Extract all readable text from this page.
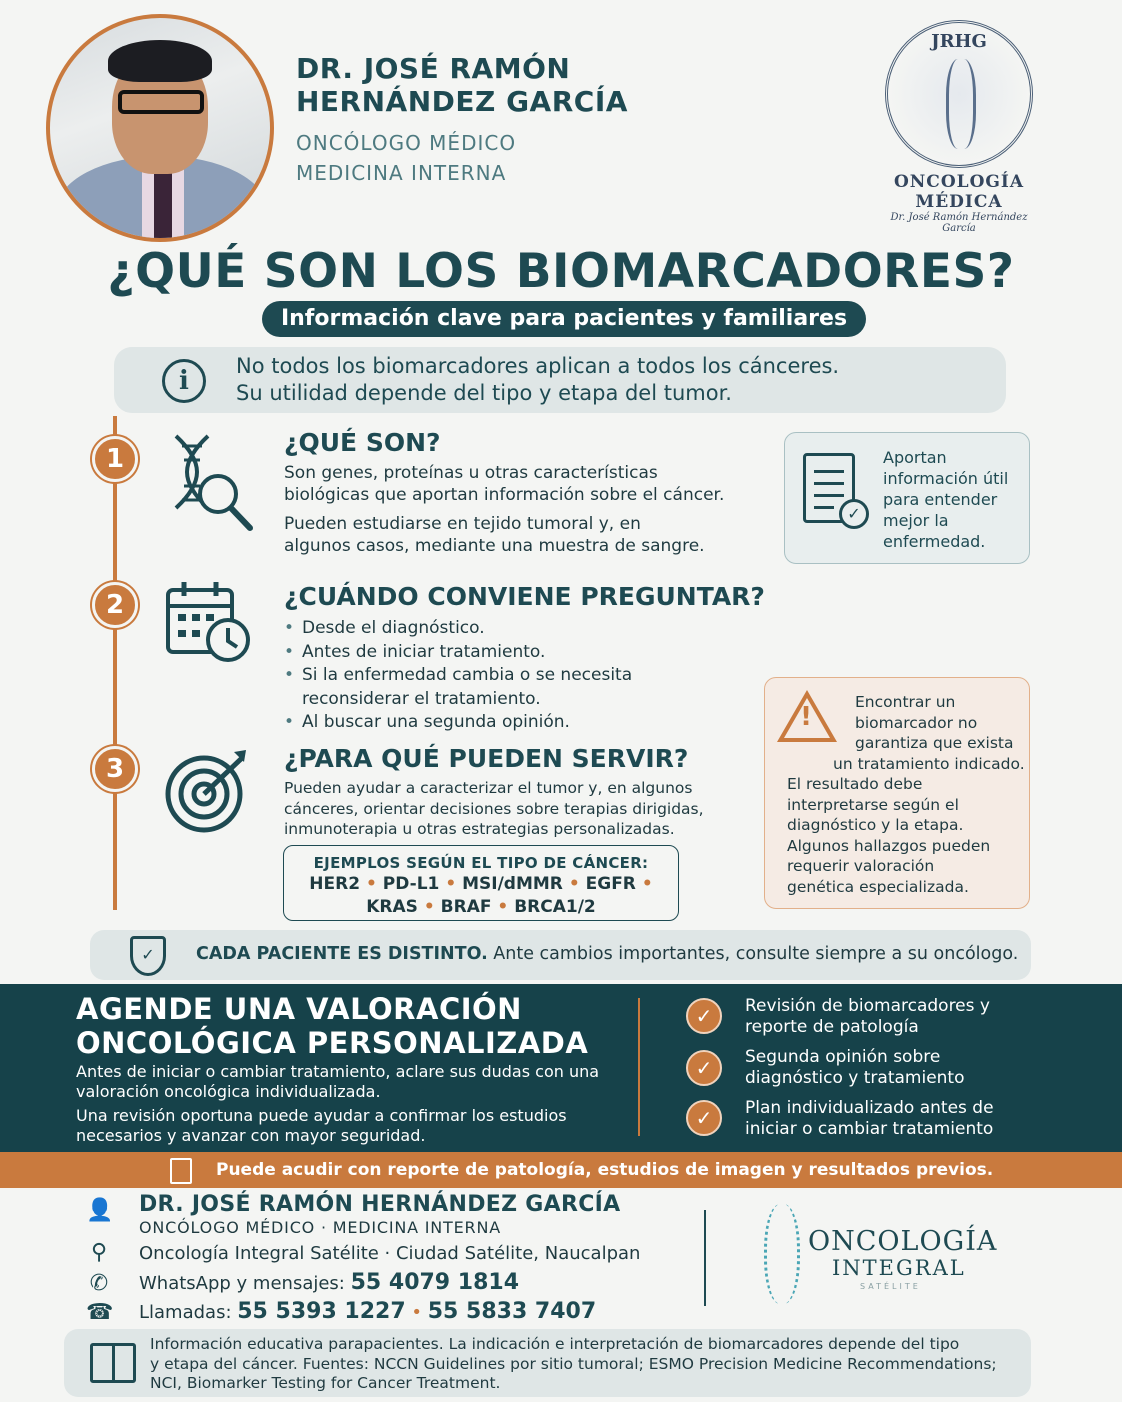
DR. JOSÉ RAMÓN
HERNÁNDEZ GARCÍA
ONCÓLOGO MÉDICO
MEDICINA INTERNA
JRHG
ONCOLOGÍA
MÉDICA
Dr. José Ramón Hernández García
¿QUÉ SON LOS BIOMARCADORES?
Información clave para pacientes y familiares
i	No todos los biomarcadores aplican a todos los cánceres.
Su utilidad depende del tipo y etapa del tumor.
1
¿QUÉ SON?
Son genes, proteínas u otras características
biológicas que aportan información sobre el cáncer.
Pueden estudiarse en tejido tumoral y, en
algunos casos, mediante una muestra de sangre.
✓
Aportan
información útil
para entender
mejor la
enfermedad.
2	¿CUÁNDO CONVIENE PREGUNTAR?
• Desde el diagnóstico.
• Antes de iniciar tratamiento.
• Si la enfermedad cambia o se necesita
reconsiderar el tratamiento.
• Al buscar una segunda opinión.	!	Encontrar un
biomarcador no
garantiza que exista
un tratamiento indicado.
El resultado debe
interpretarse según el
diagnóstico y la etapa.
Algunos hallazgos pueden
requerir valoración
genética especializada.
3	¿PARA QUÉ PUEDEN SERVIR?
Pueden ayudar a caracterizar el tumor y, en algunos
cánceres, orientar decisiones sobre terapias dirigidas,
inmunoterapia u otras estrategias personalizadas.
EJEMPLOS SEGÚN EL TIPO DE CÁNCER:
HER2 • PD-L1 • MSI/dMMR • EGFR •
KRAS • BRAF • BRCA1/2
✓	CADA PACIENTE ES DISTINTO. Ante cambios importantes, consulte siempre a su oncólogo.
AGENDE UNA VALORACIÓN
ONCOLÓGICA PERSONALIZADA
Antes de iniciar o cambiar tratamiento, aclare sus dudas con una
valoración oncológica individualizada.
Una revisión oportuna puede ayudar a confirmar los estudios
necesarios y avanzar con mayor seguridad.
✓	Revisión de biomarcadores y
reporte de patología
✓	Segunda opinión sobre
diagnóstico y tratamiento
✓	Plan individualizado antes de
iniciar o cambiar tratamiento
Puede acudir con reporte de patología, estudios de imagen y resultados previos.
👤 DR. JOSÉ RAMÓN HERNÁNDEZ GARCÍA
ONCÓLOGO MÉDICO · MEDICINA INTERNA
⚲ Oncología Integral Satélite · Ciudad Satélite, Naucalpan
✆ WhatsApp y mensajes: 55 4079 1814
☎ Llamadas: 55 5393 1227 • 55 5833 7407
ONCOLOGÍA
INTEGRAL
SATÉLITE
Información educativa parapacientes. La indicación e interpretación de biomarcadores depende del tipo
y etapa del cáncer. Fuentes: NCCN Guidelines por sitio tumoral; ESMO Precision Medicine Recommendations;
NCI, Biomarker Testing for Cancer Treatment.
